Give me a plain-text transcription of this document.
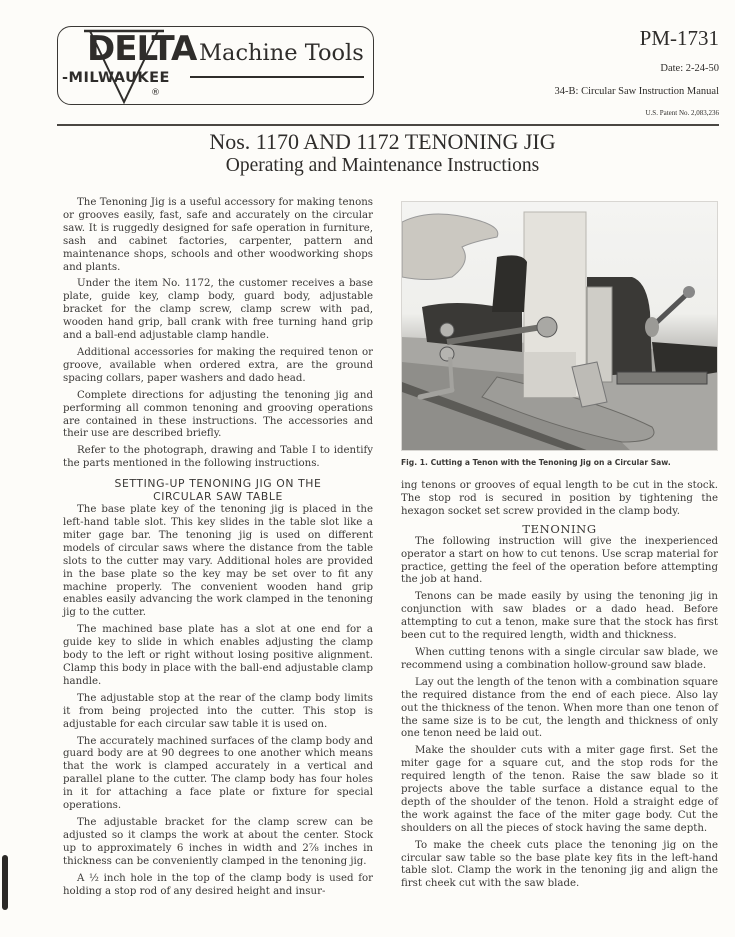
DELTA
-MILWAUKEE
®
Machine Tools
PM-1731
Date: 2-24-50
34-B: Circular Saw Instruction Manual
U.S. Patent No. 2,083,236
Nos. 1170 AND 1172 TENONING JIG
Operating and Maintenance Instructions

The Tenoning Jig is a useful accessory for making tenons or grooves easily, fast, safe and accurately on the circular saw. It is ruggedly designed for safe operation in furniture, sash and cabinet factories, carpenter, pattern and maintenance shops, schools and other woodworking shops and plants.

Under the item No. 1172, the customer receives a base plate, guide key, clamp body, guard body, adjustable bracket for the clamp screw, clamp screw with pad, wooden hand grip, ball crank with free turning hand grip and a ball-end adjustable clamp handle.

Additional accessories for making the required tenon or groove, available when ordered extra, are the ground spacing collars, paper washers and dado head.

Complete directions for adjusting the tenoning jig and performing all common tenoning and grooving operations are contained in these instructions. The accessories and their use are described briefly.

Refer to the photograph, drawing and Table I to identify the parts mentioned in the following instructions.

SETTING-UP TENONING JIG ON THE
CIRCULAR SAW TABLE

The base plate key of the tenoning jig is placed in the left-hand table slot. This key slides in the table slot like a miter gage bar. The tenoning jig is used on different models of circular saws where the distance from the table slots to the cutter may vary. Additional holes are provided in the base plate so the key may be set over to fit any machine properly. The convenient wooden hand grip enables easily advancing the work clamped in the tenoning jig to the cutter.

The machined base plate has a slot at one end for a guide key to slide in which enables adjusting the clamp body to the left or right without losing positive alignment. Clamp this body in place with the ball-end adjustable clamp handle.

The adjustable stop at the rear of the clamp body limits it from being projected into the cutter. This stop is adjustable for each circular saw table it is used on.

The accurately machined surfaces of the clamp body and guard body are at 90 degrees to one another which means that the work is clamped accurately in a vertical and parallel plane to the cutter. The clamp body has four holes in it for attaching a face plate or fixture for special operations.

The adjustable bracket for the clamp screw can be adjusted so it clamps the work at about the center. Stock up to approximately 6 inches in width and 2⅞ inches in thickness can be conveniently clamped in the tenoning jig.

A ½ inch hole in the top of the clamp body is used for holding a stop rod of any desired height and insur-

Fig. 1. Cutting a Tenon with the Tenoning Jig on a Circular Saw.

ing tenons or grooves of equal length to be cut in the stock. The stop rod is secured in position by tightening the hexagon socket set screw provided in the clamp body.

TENONING

The following instruction will give the inexperienced operator a start on how to cut tenons. Use scrap material for practice, getting the feel of the operation before attempting the job at hand.

Tenons can be made easily by using the tenoning jig in conjunction with saw blades or a dado head. Before attempting to cut a tenon, make sure that the stock has first been cut to the required length, width and thickness.

When cutting tenons with a single circular saw blade, we recommend using a combination hollow-ground saw blade.

Lay out the length of the tenon with a combination square the required distance from the end of each piece. Also lay out the thickness of the tenon. When more than one tenon of the same size is to be cut, the length and thickness of only one tenon need be laid out.

Make the shoulder cuts with a miter gage first. Set the miter gage for a square cut, and the stop rods for the required length of the tenon. Raise the saw blade so it projects above the table surface a distance equal to the depth of the shoulder of the tenon. Hold a straight edge of the work against the face of the miter gage body. Cut the shoulders on all the pieces of stock having the same depth.

To make the cheek cuts place the tenoning jig on the circular saw table so the base plate key fits in the left-hand table slot. Clamp the work in the tenoning jig and align the first cheek cut with the saw blade.
